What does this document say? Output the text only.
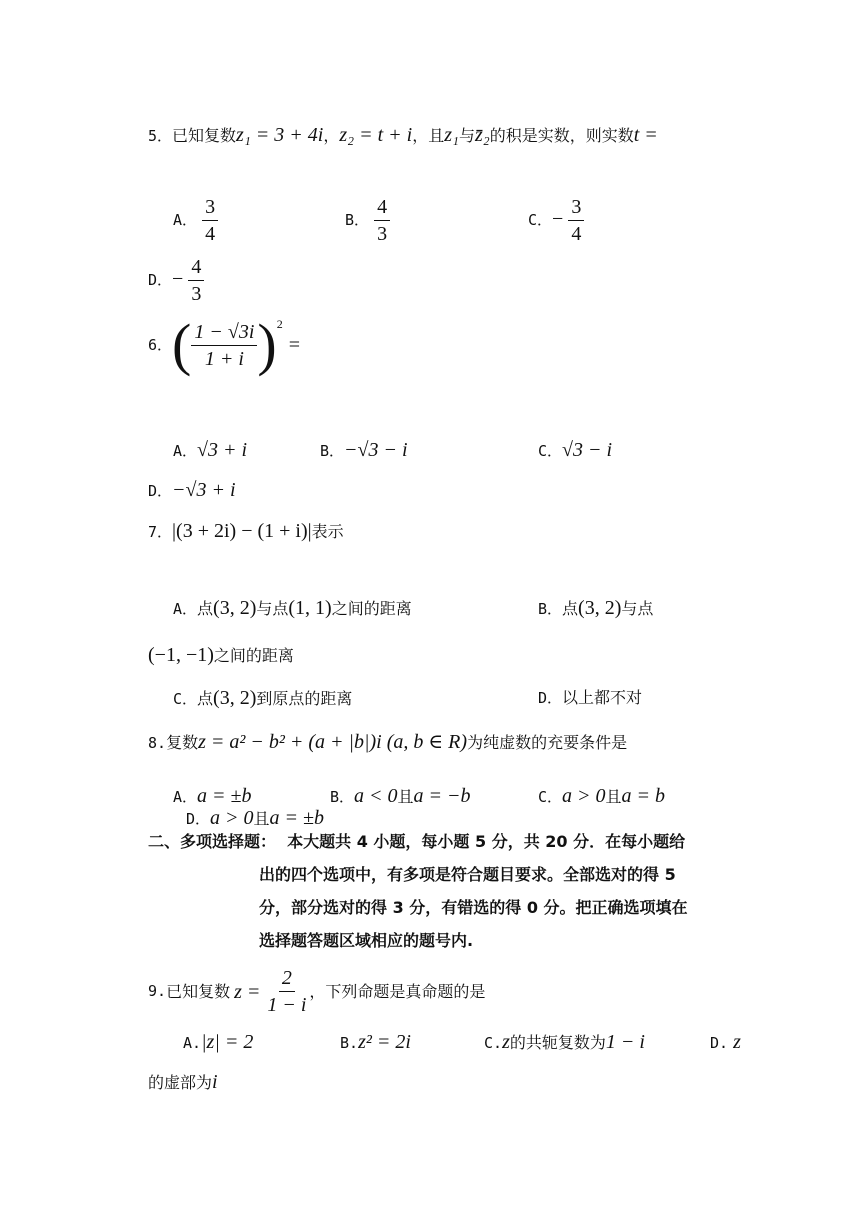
5．已知复数z₁ = 3 + 4i，z₂ = t + i，且z₁与z̄₂的积是实数，则实数t =
A． $\frac{3}{4}$	B． $\frac{4}{3}$	C．− $\frac{3}{4}$
D．− $\frac{4}{3}$
6． ( $\frac{1 - √3i}{1 + i}$ ) 2
=
A．√3 + i	B．−√3 − i	C．√3 − i
D．−√3 + i
7．|(3 + 2i) − (1 + i)|表示
A．点(3, 2)与点(1, 1)之间的距离	B．点(3, 2)与点
(−1, −1)之间的距离
C．点(3, 2)到原点的距离	D．以上都不对
8.复数z = a² − b² + (a + |b|)i (a, b ∈ R)为纯虚数的充要条件是
A．a = ±b	B．a < 0且a = −b	C．a > 0且a = b
D．a > 0且a = ±b
二、多项选择题： 本大题共 4 小题，每小题 5 分，共 20 分．在每小题给
出的四个选项中，有多项是符合题目要求。全部选对的得 5
分，部分选对的得 3 分，有错选的得 0 分。把正确选项填在
选择题答题区域相应的题号内.
9. 已知复数 $z = \frac{2}{1 - i}$ ，下列命题是真命题的是
A.|z| = 2	B.z² = 2i	C.z的共轭复数为1 − i	D. z
的虚部为i
